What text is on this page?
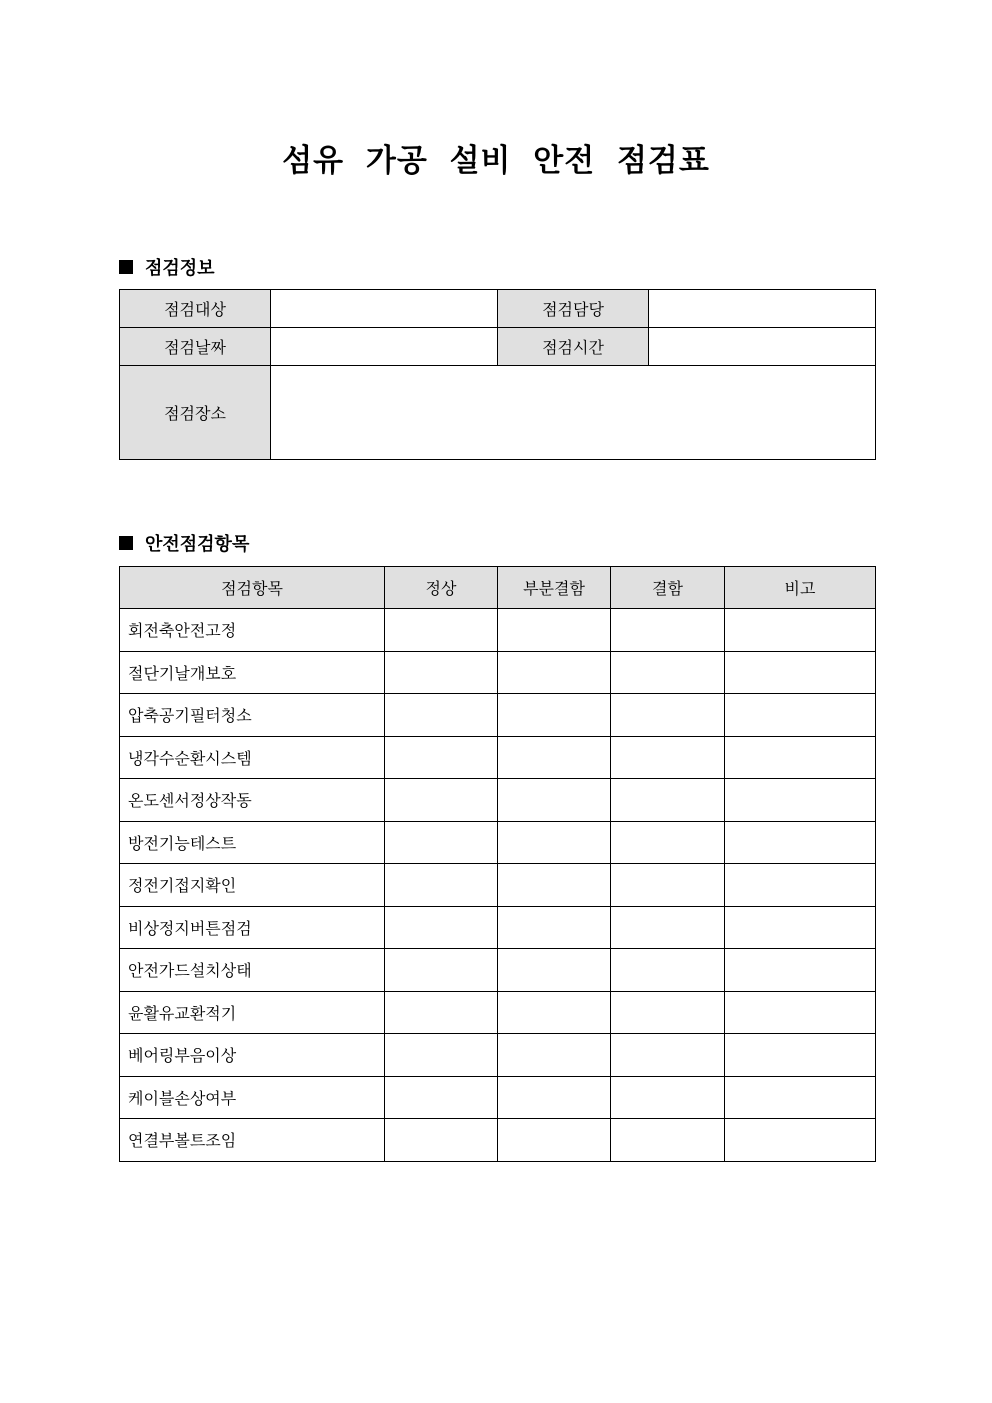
섬유 가공 설비 안전 점검표
점검정보
점검대상		점검담당	
점검날짜		점검시간	
점검장소			
안전점검항목
점검항목	정상	부분결함	결함	비고
회전축안전고정				
절단기날개보호				
압축공기필터청소				
냉각수순환시스템				
온도센서정상작동				
방전기능테스트				
정전기접지확인				
비상정지버튼점검				
안전가드설치상태				
윤활유교환적기				
베어링부음이상				
케이블손상여부				
연결부볼트조임				
